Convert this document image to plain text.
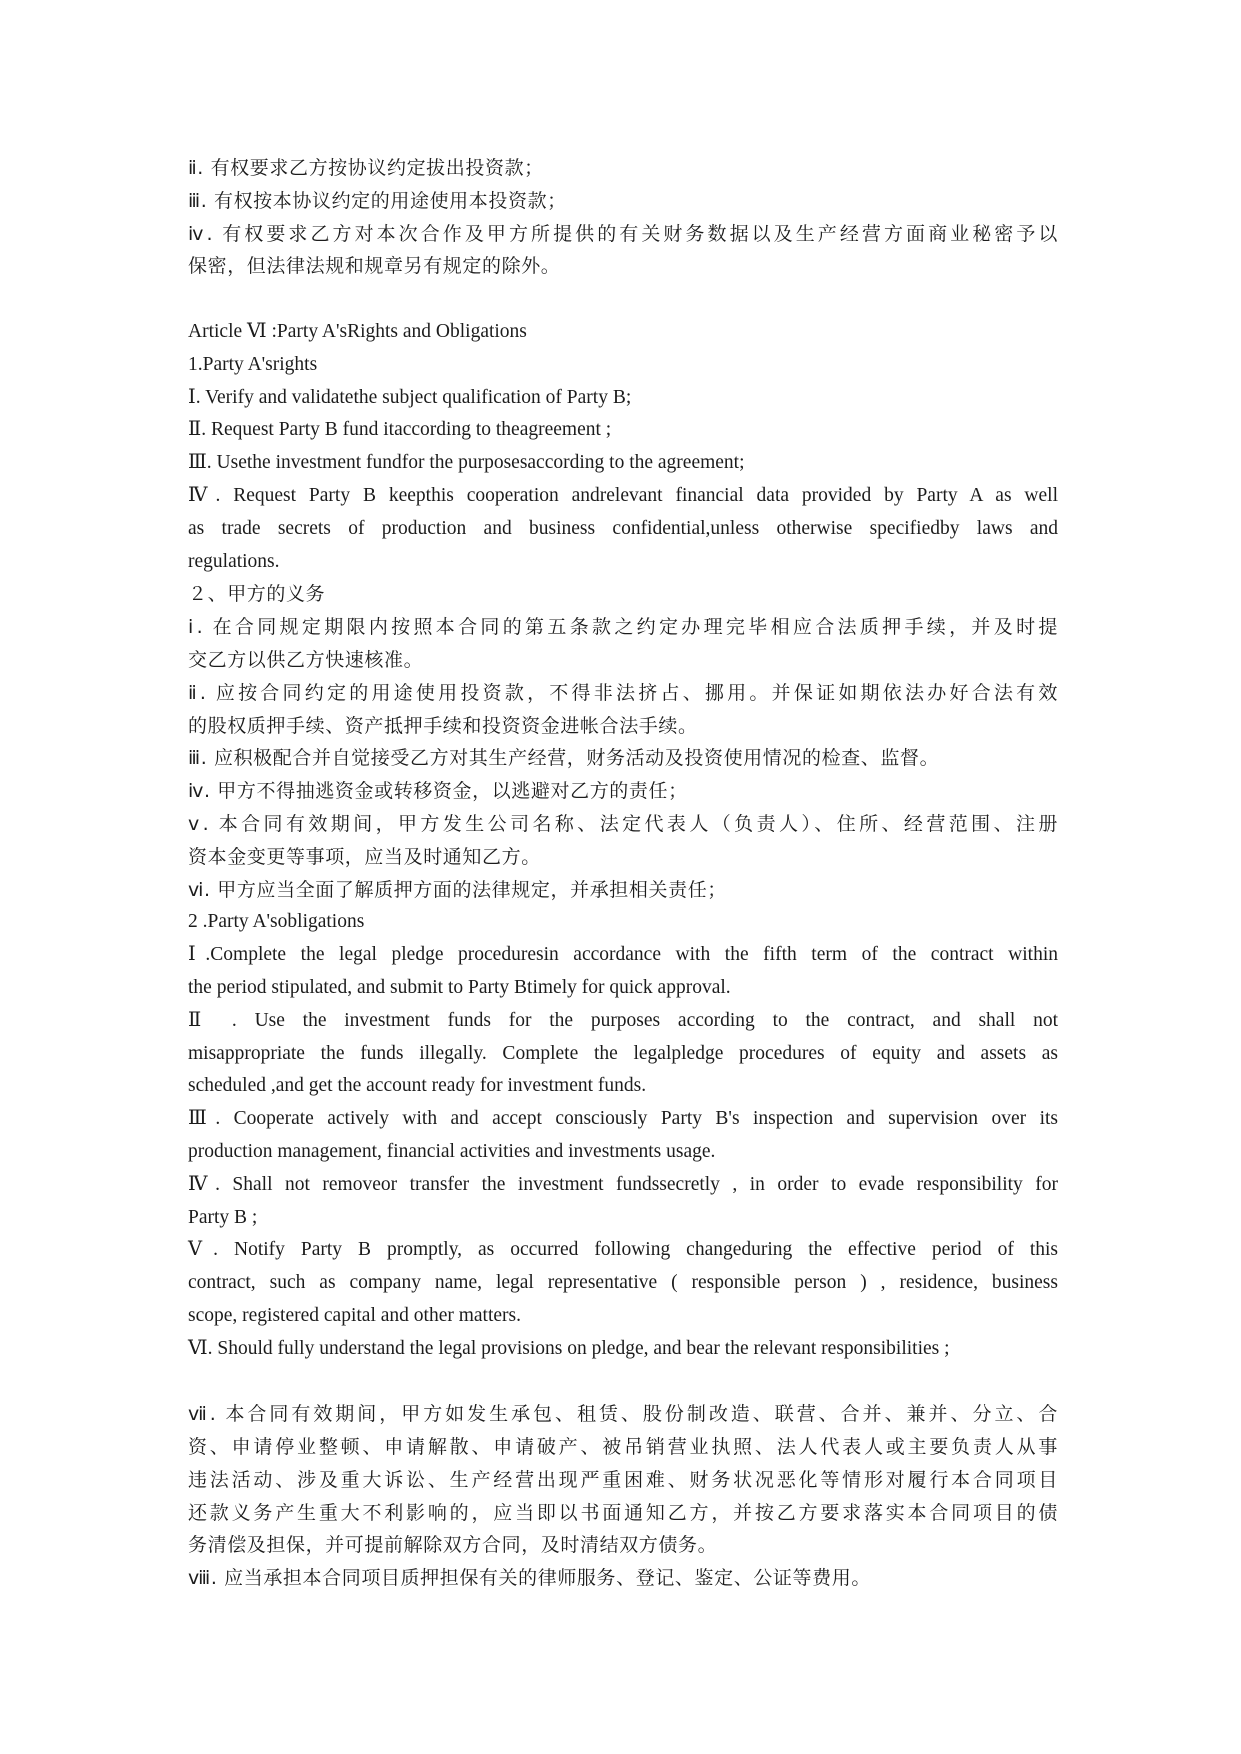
ⅱ. 有权要求乙方按协议约定拔出投资款；
ⅲ. 有权按本协议约定的用途使用本投资款；
ⅳ. 有权要求乙方对本次合作及甲方所提供的有关财务数据以及生产经营方面商业秘密予以
保密，但法律法规和规章另有规定的除外。
Article Ⅵ :Party A'sRights and Obligations
1.Party A'srights
Ⅰ. Verify and validatethe subject qualification of Party B;
Ⅱ. Request Party B fund itaccording to theagreement ;
Ⅲ. Usethe investment fundfor the purposesaccording to the agreement;
Ⅳ. Request Party B keepthis cooperation andrelevant financial data provided by Party A as well
as trade secrets of production and business confidential,unless otherwise specifiedby laws and
regulations.
２、甲方的义务
ⅰ. 在合同规定期限内按照本合同的第五条款之约定办理完毕相应合法质押手续，并及时提
交乙方以供乙方快速核准。
ⅱ. 应按合同约定的用途使用投资款，不得非法挤占、挪用。并保证如期依法办好合法有效
的股权质押手续、资产抵押手续和投资资金进帐合法手续。
ⅲ. 应积极配合并自觉接受乙方对其生产经营，财务活动及投资使用情况的检查、监督。
ⅳ. 甲方不得抽逃资金或转移资金，以逃避对乙方的责任；
ⅴ. 本合同有效期间，甲方发生公司名称、法定代表人（负责人）、住所、经营范围、注册
资本金变更等事项，应当及时通知乙方。
ⅵ. 甲方应当全面了解质押方面的法律规定，并承担相关责任；
2 .Party A'sobligations
Ⅰ.Complete the legal pledge proceduresin accordance with the fifth term of the contract within
the period stipulated, and submit to Party Btimely for quick approval.
Ⅱ . Use the investment funds for the purposes according to the contract, and shall not
misappropriate the funds illegally. Complete the legalpledge procedures of equity and assets as
scheduled ,and get the account ready for investment funds.
Ⅲ. Cooperate actively with and accept consciously Party B's inspection and supervision over its
production management, financial activities and investments usage.
Ⅳ. Shall not removeor transfer the investment fundssecretly , in order to evade responsibility for
Party B ;
Ⅴ. Notify Party B promptly, as occurred following changeduring the effective period of this
contract, such as company name, legal representative ( responsible person ) , residence, business
scope, registered capital and other matters.
Ⅵ. Should fully understand the legal provisions on pledge, and bear the relevant responsibilities ;
ⅶ. 本合同有效期间，甲方如发生承包、租赁、股份制改造、联营、合并、兼并、分立、合
资、申请停业整顿、申请解散、申请破产、被吊销营业执照、法人代表人或主要负责人从事
违法活动、涉及重大诉讼、生产经营出现严重困难、财务状况恶化等情形对履行本合同项目
还款义务产生重大不利影响的，应当即以书面通知乙方，并按乙方要求落实本合同项目的债
务清偿及担保，并可提前解除双方合同，及时清结双方债务。
ⅷ. 应当承担本合同项目质押担保有关的律师服务、登记、鉴定、公证等费用。
